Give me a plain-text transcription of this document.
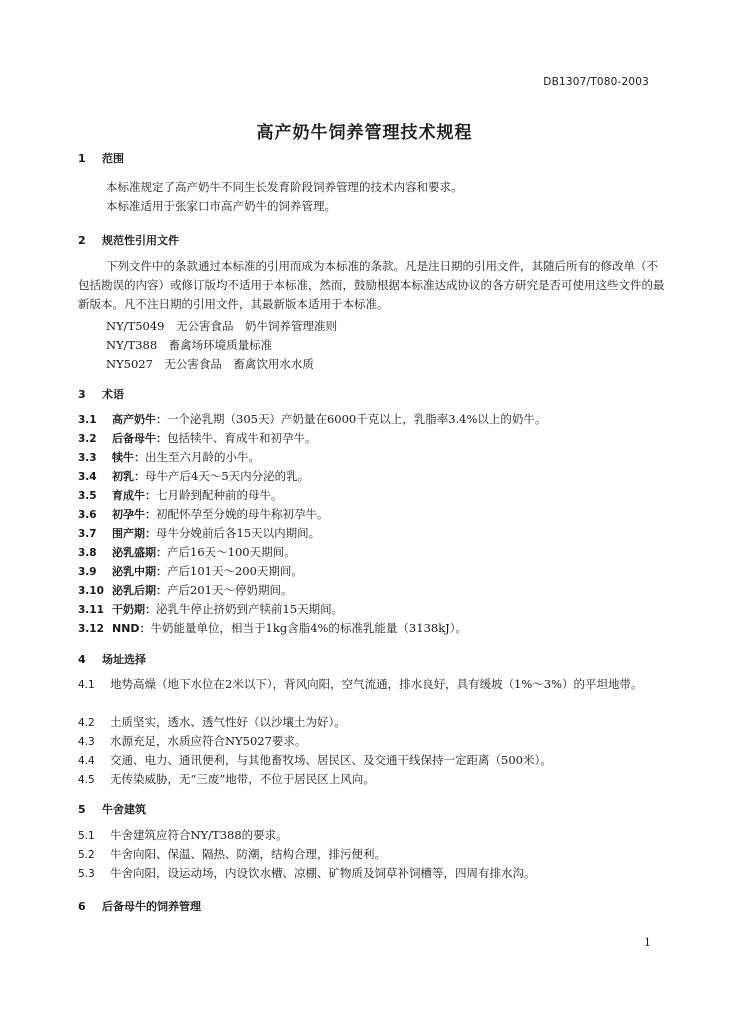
DB1307/T080-2003
高产奶牛饲养管理技术规程
1 范围
本标准规定了高产奶牛不同生长发育阶段饲养管理的技术内容和要求。
本标准适用于张家口市高产奶牛的饲养管理。
2 规范性引用文件
下列文件中的条款通过本标准的引用而成为本标准的条款。凡是注日期的引用文件，其随后所有的修改单（不包括勘误的内容）或修订版均不适用于本标准，然而，鼓励根据本标准达成协议的各方研究是否可使用这些文件的最新版本。凡不注日期的引用文件，其最新版本适用于本标准。
NY/T5049　无公害食品　奶牛饲养管理准则
NY/T388　畜禽场环境质量标准
NY5027　无公害食品　畜禽饮用水水质
3 术语
3.1 高产奶牛：一个泌乳期（305天）产奶量在6000千克以上，乳脂率3.4%以上的奶牛。
3.2 后备母牛：包括犊牛、育成牛和初孕牛。
3.3 犊牛：出生至六月龄的小牛。
3.4 初乳：母牛产后4天～5天内分泌的乳。
3.5 育成牛：七月龄到配种前的母牛。
3.6 初孕牛：初配怀孕至分娩的母牛称初孕牛。
3.7 围产期：母牛分娩前后各15天以内期间。
3.8 泌乳盛期：产后16天～100天期间。
3.9 泌乳中期：产后101天～200天期间。
3.10 泌乳后期：产后201天～停奶期间。
3.11 干奶期：泌乳牛停止挤奶到产犊前15天期间。
3.12 NND：牛奶能量单位，相当于1kg含脂4%的标准乳能量（3138kJ）。
4 场址选择
4.1 地势高燥（地下水位在2米以下），背风向阳，空气流通，排水良好，具有缓坡（1%～3%）的平坦地带。
4.2 土质坚实，透水、透气性好（以沙壤土为好）。
4.3 水源充足，水质应符合NY5027要求。
4.4 交通、电力、通讯便利，与其他畜牧场、居民区、及交通干线保持一定距离（500米）。
4.5 无传染威胁，无“三废”地带，不位于居民区上风向。
5 牛舍建筑
5.1 牛舍建筑应符合NY/T388的要求。
5.2 牛舍向阳、保温、隔热、防潮，结构合理，排污便利。
5.3 牛舍向阳，设运动场，内设饮水槽、凉棚、矿物质及饲草补饲槽等，四周有排水沟。
6 后备母牛的饲养管理
1
